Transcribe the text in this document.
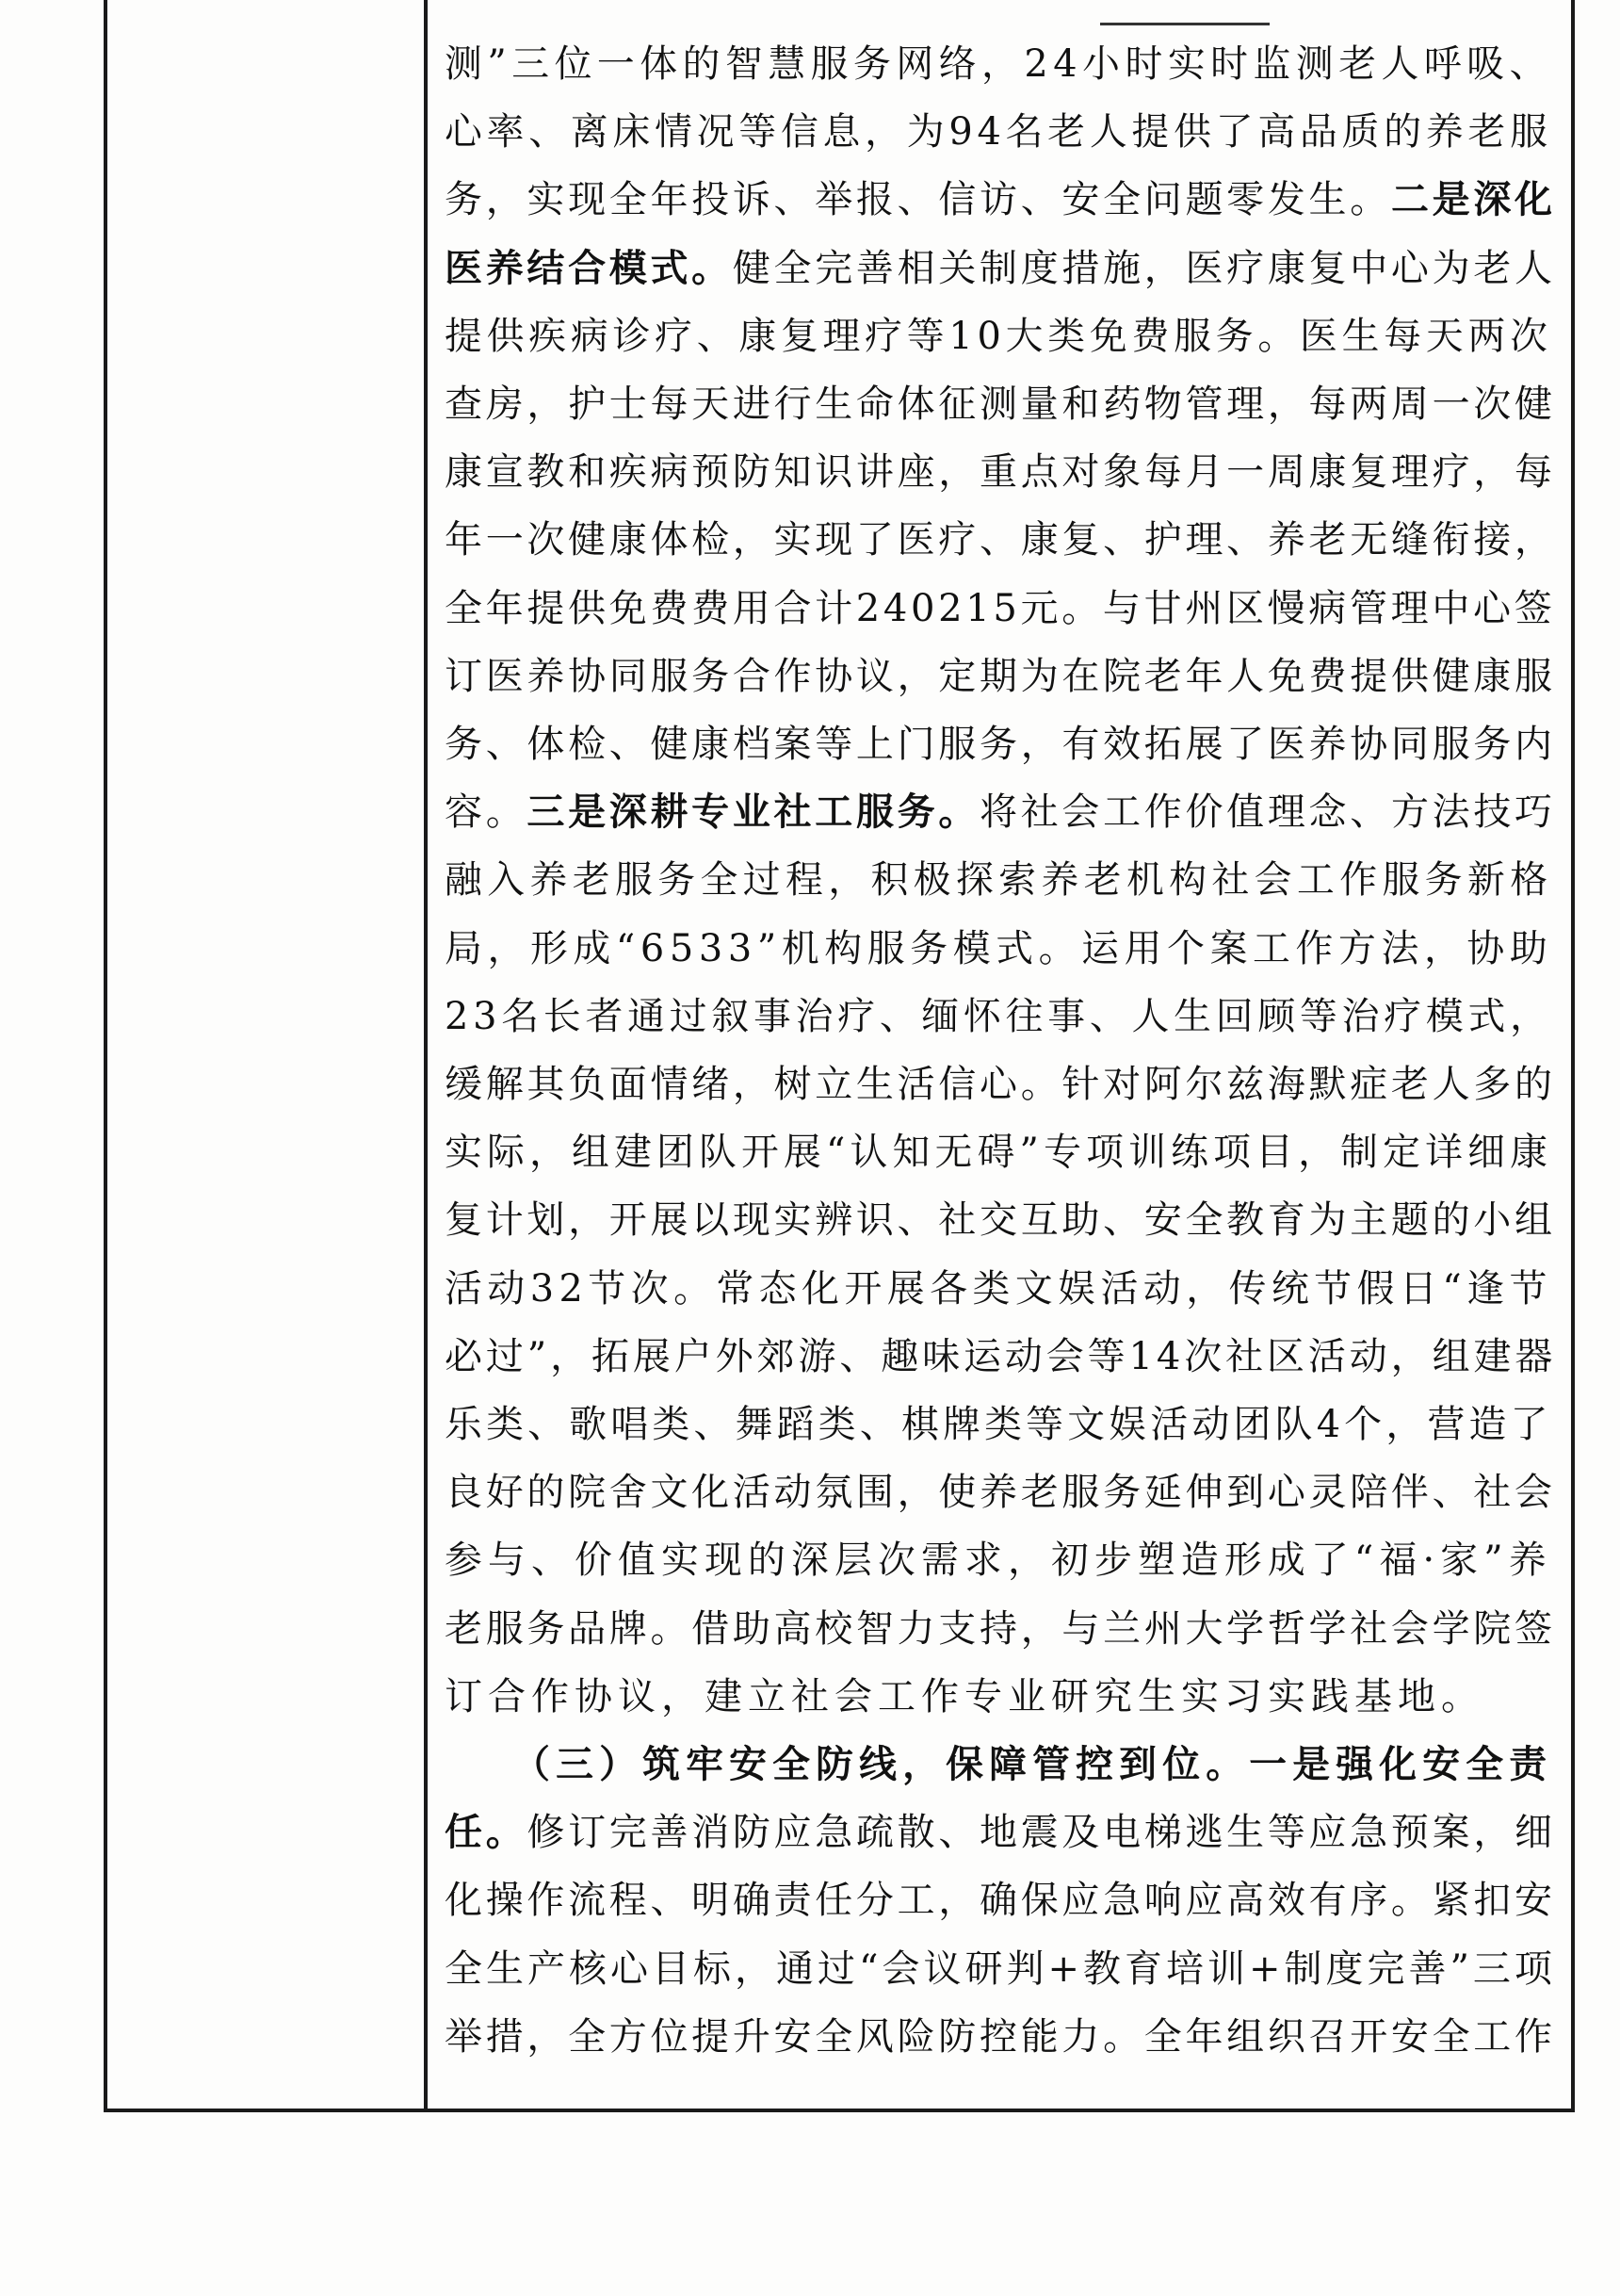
测”三位一体的智慧服务网络，24小时实时监测老人呼吸、
心率、离床情况等信息，为94名老人提供了高品质的养老服
务，实现全年投诉、举报、信访、安全问题零发生。二是深化
医养结合模式。健全完善相关制度措施，医疗康复中心为老人
提供疾病诊疗、康复理疗等10大类免费服务。医生每天两次
查房，护士每天进行生命体征测量和药物管理，每两周一次健
康宣教和疾病预防知识讲座，重点对象每月一周康复理疗，每
年一次健康体检，实现了医疗、康复、护理、养老无缝衔接，
全年提供免费费用合计240215元。与甘州区慢病管理中心签
订医养协同服务合作协议，定期为在院老年人免费提供健康服
务、体检、健康档案等上门服务，有效拓展了医养协同服务内
容。三是深耕专业社工服务。将社会工作价值理念、方法技巧
融入养老服务全过程，积极探索养老机构社会工作服务新格
局，形成“6533”机构服务模式。运用个案工作方法，协助
23名长者通过叙事治疗、缅怀往事、人生回顾等治疗模式，
缓解其负面情绪，树立生活信心。针对阿尔兹海默症老人多的
实际，组建团队开展“认知无碍”专项训练项目，制定详细康
复计划，开展以现实辨识、社交互助、安全教育为主题的小组
活动32节次。常态化开展各类文娱活动，传统节假日“逢节
必过”，拓展户外郊游、趣味运动会等14次社区活动，组建器
乐类、歌唱类、舞蹈类、棋牌类等文娱活动团队4个，营造了
良好的院舍文化活动氛围，使养老服务延伸到心灵陪伴、社会
参与、价值实现的深层次需求，初步塑造形成了“福·家”养
老服务品牌。借助高校智力支持，与兰州大学哲学社会学院签
订合作协议，建立社会工作专业研究生实习实践基地。
　　（三）筑牢安全防线，保障管控到位。一是强化安全责
任。修订完善消防应急疏散、地震及电梯逃生等应急预案，细
化操作流程、明确责任分工，确保应急响应高效有序。紧扣安
全生产核心目标，通过“会议研判+教育培训+制度完善”三项
举措，全方位提升安全风险防控能力。全年组织召开安全工作
